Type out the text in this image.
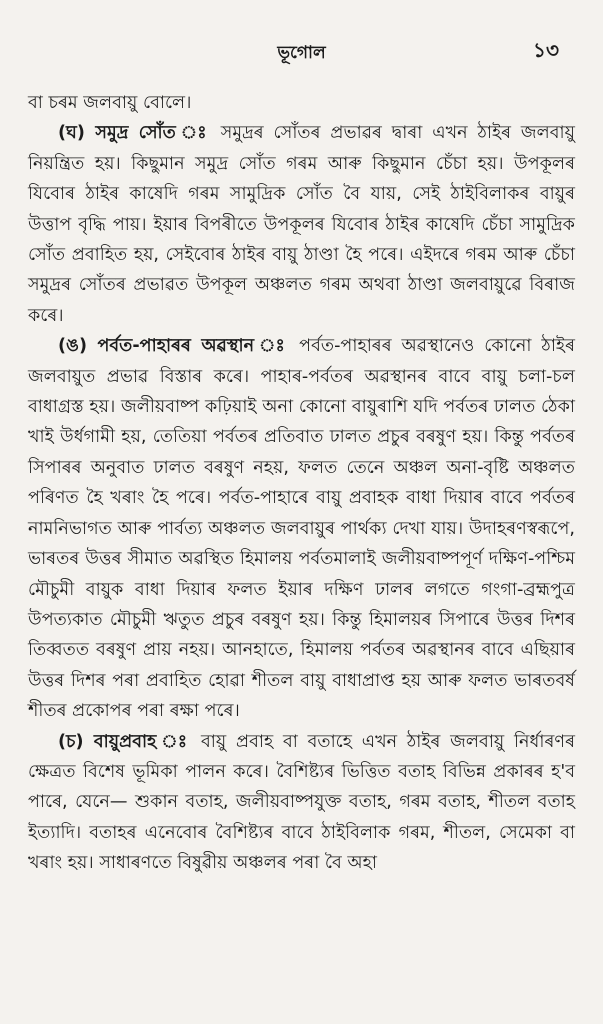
ভূগোল	১৩

বা চৰম জলবায়ু বোলে।

(ঘ) সমুদ্ৰ সোঁত ঃ সমুদ্ৰৰ সোঁতৰ প্ৰভাৱৰ দ্বাৰা এখন ঠাইৰ জলবায়ু নিয়ন্ত্ৰিত হয়। কিছুমান সমুদ্ৰ সোঁত গৰম আৰু কিছুমান চেঁচা হয়। উপকূলৰ যিবোৰ ঠাইৰ কাষেদি গৰম সামুদ্ৰিক সোঁত বৈ যায়, সেই ঠাইবিলাকৰ বায়ুৰ উত্তাপ বৃদ্ধি পায়। ইয়াৰ বিপৰীতে উপকূলৰ যিবোৰ ঠাইৰ কাষেদি চেঁচা সামুদ্ৰিক সোঁত প্ৰবাহিত হয়, সেইবোৰ ঠাইৰ বায়ু ঠাণ্ডা হৈ পৰে। এইদৰে গৰম আৰু চেঁচা সমুদ্ৰৰ সোঁতৰ প্ৰভাৱত উপকূল অঞ্চলত গৰম অথবা ঠাণ্ডা জলবায়ুৱে বিৰাজ কৰে।

(ঙ) পৰ্বত-পাহাৰৰ অৱস্থান ঃ পৰ্বত-পাহাৰৰ অৱস্থানেও কোনো ঠাইৰ জলবায়ুত প্ৰভাৱ বিস্তাৰ কৰে। পাহাৰ-পৰ্বতৰ অৱস্থানৰ বাবে বায়ু চলা-চল বাধাগ্ৰস্ত হয়। জলীয়বাষ্প কঢ়িয়াই অনা কোনো বায়ুৰাশি যদি পৰ্বতৰ ঢালত ঠেকা খাই উৰ্ধগামী হয়, তেতিয়া পৰ্বতৰ প্ৰতিবাত ঢালত প্ৰচুৰ বৰষুণ হয়। কিন্তু পৰ্বতৰ সিপাৰৰ অনুবাত ঢালত বৰষুণ নহয়, ফলত তেনে অঞ্চল অনা-বৃষ্টি অঞ্চলত পৰিণত হৈ খৰাং হৈ পৰে। পৰ্বত-পাহাৰে বায়ু প্ৰবাহক বাধা দিয়াৰ বাবে পৰ্বতৰ নামনিভাগত আৰু পাৰ্বত্য অঞ্চলত জলবায়ুৰ পাৰ্থক্য দেখা যায়। উদাহৰণস্বৰূপে, ভাৰতৰ উত্তৰ সীমাত অৱস্থিত হিমালয় পৰ্বতমালাই জলীয়বাষ্পপূৰ্ণ দক্ষিণ-পশ্চিম মৌচুমী বায়ুক বাধা দিয়াৰ ফলত ইয়াৰ দক্ষিণ ঢালৰ লগতে গংগা-ব্ৰহ্মপুত্ৰ উপত্যকাত মৌচুমী ঋতুত প্ৰচুৰ বৰষুণ হয়। কিন্তু হিমালয়ৰ সিপাৰে উত্তৰ দিশৰ তিব্বতত বৰষুণ প্ৰায় নহয়। আনহাতে, হিমালয় পৰ্বতৰ অৱস্থানৰ বাবে এছিয়াৰ উত্তৰ দিশৰ পৰা প্ৰবাহিত হোৱা শীতল বায়ু বাধাপ্ৰাপ্ত হয় আৰু ফলত ভাৰতবৰ্ষ শীতৰ প্ৰকোপৰ পৰা ৰক্ষা পৰে।

(চ) বায়ুপ্ৰবাহ ঃ বায়ু প্ৰবাহ বা বতাহে এখন ঠাইৰ জলবায়ু নিৰ্ধাৰণৰ ক্ষেত্ৰত বিশেষ ভূমিকা পালন কৰে। বৈশিষ্ট্যৰ ভিত্তিত বতাহ বিভিন্ন প্ৰকাৰৰ হ'ব পাৰে, যেনে— শুকান বতাহ, জলীয়বাষ্পযুক্ত বতাহ, গৰম বতাহ, শীতল বতাহ ইত্যাদি। বতাহৰ এনেবোৰ বৈশিষ্ট্যৰ বাবে ঠাইবিলাক গৰম, শীতল, সেমেকা বা খৰাং হয়। সাধাৰণতে বিষুৱীয় অঞ্চলৰ পৰা বৈ অহা
